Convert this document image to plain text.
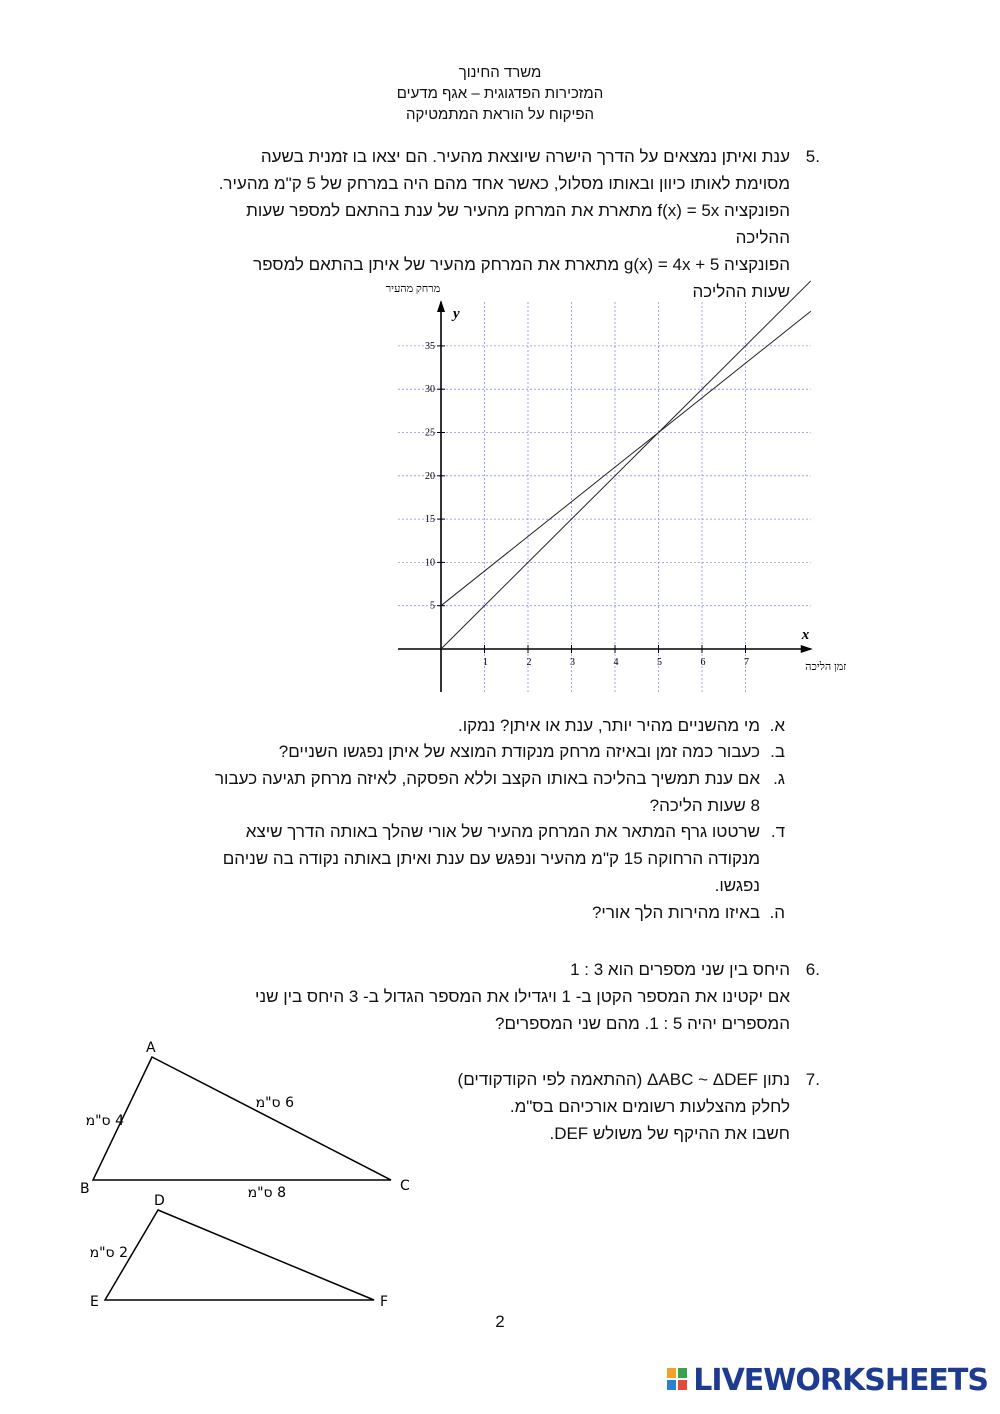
משרד החינוך
המזכירות הפדגוגית – אגף מדעים
הפיקוח על הוראת המתמטיקה
.5
ענת ואיתן נמצאים על הדרך הישרה שיוצאת מהעיר. הם יצאו בו זמנית בשעה
מסוימת לאותו כיוון ובאותו מסלול, כאשר אחד מהם היה במרחק של 5 ק"מ מהעיר.
הפונקציה f(x) = 5x מתארת את המרחק מהעיר של ענת בהתאם למספר שעות
ההליכה
הפונקציה g(x) = 4x + 5 מתארת את המרחק מהעיר של איתן בהתאם למספר
שעות ההליכה
1	2	3	4	5	6	7
5
10
15
20
25
30
35
y
x
מרחק מהעיר
זמן הליכה
א.
מי מהשניים מהיר יותר, ענת או איתן? נמקו.
ב.
כעבור כמה זמן ובאיזה מרחק מנקודת המוצא של איתן נפגשו השניים?
ג.
אם ענת תמשיך בהליכה באותו הקצב וללא הפסקה, לאיזה מרחק תגיעה כעבור
8 שעות הליכה?
ד.
שרטטו גרף המתאר את המרחק מהעיר של אורי שהלך באותה הדרך שיצא
מנקודה הרחוקה 15 ק"מ מהעיר ונפגש עם ענת ואיתן באותה נקודה בה שניהם
נפגשו.
ה.
באיזו מהירות הלך אורי?
.6
היחס בין שני מספרים הוא 3 : 1
אם יקטינו את המספר הקטן ב- 1 ויגדילו את המספר הגדול ב- 3 היחס בין שני
המספרים יהיה 5 : 1. מהם שני המספרים?
.7
נתון ΔABC ~ ΔDEF (ההתאמה לפי הקודקודים)
לחלק מהצלעות רשומים אורכיהם בס"מ.
חשבו את ההיקף של משולש DEF.
A
B	C
4 ס"מ
6 ס"מ
8 ס"מ
D
E	F
2 ס"מ
2
LIVEWORKSHEETS
